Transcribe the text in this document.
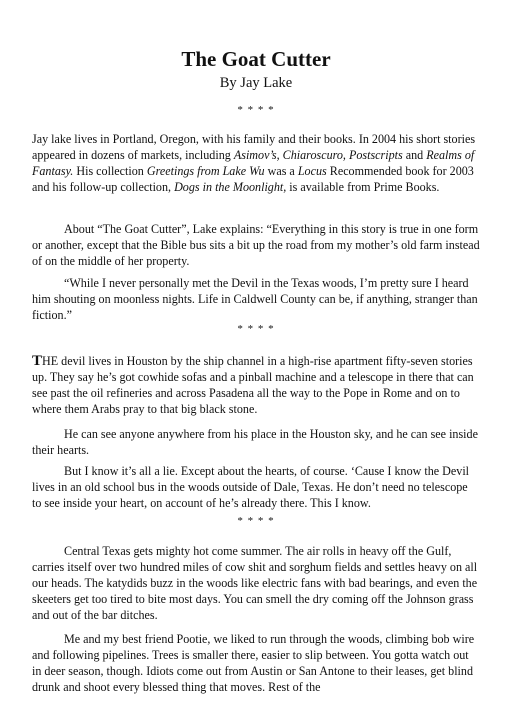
The Goat Cutter
By Jay Lake
* * * *

Jay lake lives in Portland, Oregon, with his family and their books. In 2004 his short stories appeared in dozens of markets, including Asimov’s, Chiaroscuro, Postscripts and Realms of Fantasy. His collection Greetings from Lake Wu was a Locus Recommended book for 2003 and his follow-up collection, Dogs in the Moonlight, is available from Prime Books.

About “The Goat Cutter”, Lake explains: “Everything in this story is true in one form or another, except that the Bible bus sits a bit up the road from my mother’s old farm instead of on the middle of her property.

“While I never personally met the Devil in the Texas woods, I’m pretty sure I heard him shouting on moonless nights. Life in Caldwell County can be, if anything, stranger than fiction.”

* * * *

THE devil lives in Houston by the ship channel in a high-rise apartment fifty-seven stories up. They say he’s got cowhide sofas and a pinball machine and a telescope in there that can see past the oil refineries and across Pasadena all the way to the Pope in Rome and on to where them Arabs pray to that big black stone.

He can see anyone anywhere from his place in the Houston sky, and he can see inside their hearts.

But I know it’s all a lie. Except about the hearts, of course. ‘Cause I know the Devil lives in an old school bus in the woods outside of Dale, Texas. He don’t need no telescope to see inside your heart, on account of he’s already there. This I know.

* * * *

Central Texas gets mighty hot come summer. The air rolls in heavy off the Gulf, carries itself over two hundred miles of cow shit and sorghum fields and settles heavy on all our heads. The katydids buzz in the woods like electric fans with bad bearings, and even the skeeters get too tired to bite most days. You can smell the dry coming off the Johnson grass and out of the bar ditches.

Me and my best friend Pootie, we liked to run through the woods, climbing bob wire and following pipelines. Trees is smaller there, easier to slip between. You gotta watch out in deer season, though. Idiots come out from Austin or San Antone to their leases, get blind drunk and shoot every blessed thing that moves. Rest of the
